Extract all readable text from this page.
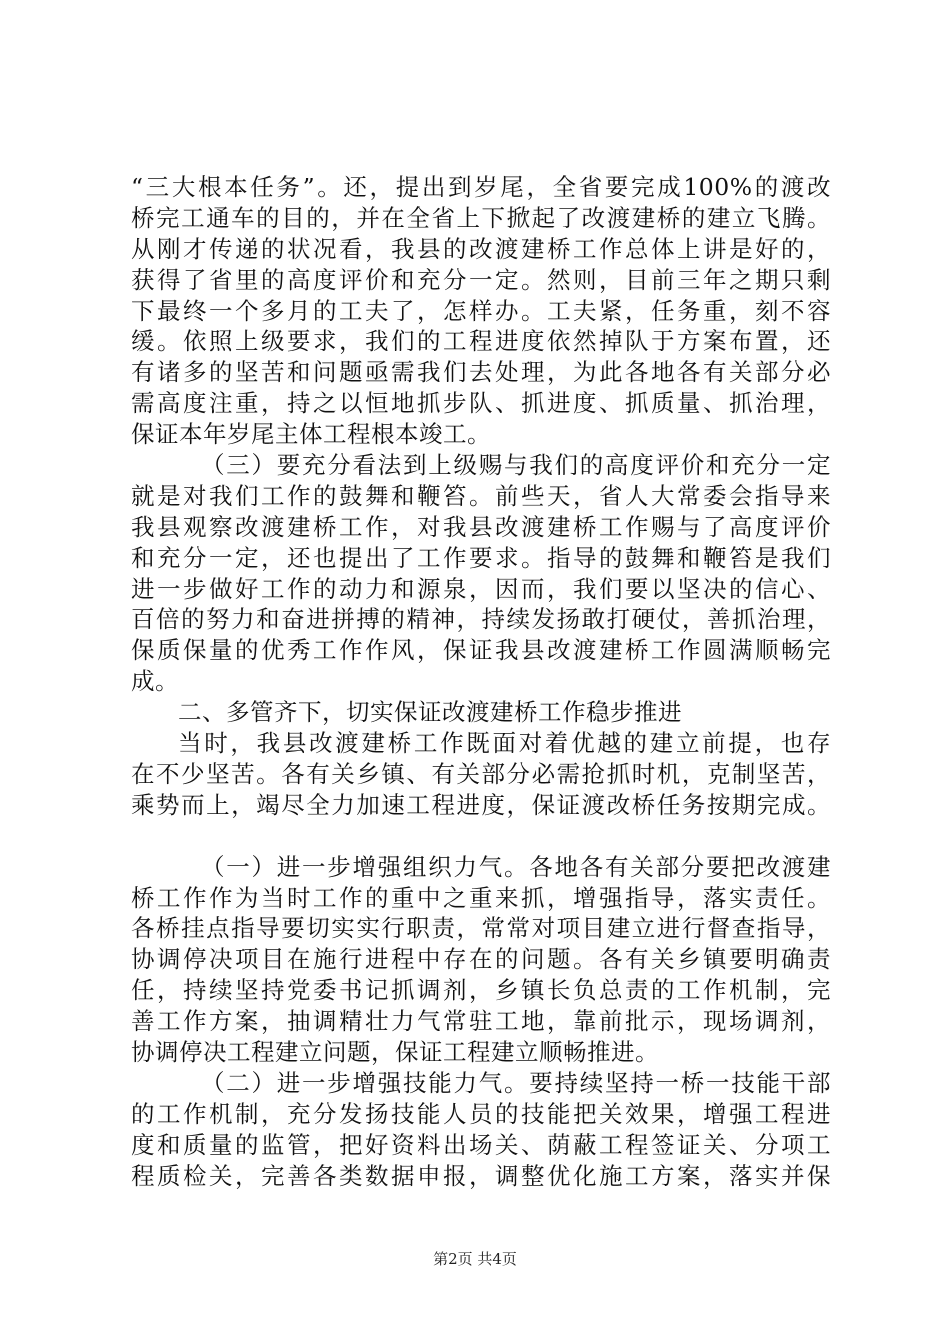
“三大根本任务”。还，提出到岁尾，全省要完成100%的渡改
桥完工通车的目的，并在全省上下掀起了改渡建桥的建立飞腾。
从刚才传递的状况看，我县的改渡建桥工作总体上讲是好的，
获得了省里的高度评价和充分一定。然则，目前三年之期只剩
下最终一个多月的工夫了，怎样办。工夫紧，任务重，刻不容
缓。依照上级要求，我们的工程进度依然掉队于方案布置，还
有诸多的坚苦和问题亟需我们去处理，为此各地各有关部分必
需高度注重，持之以恒地抓步队、抓进度、抓质量、抓治理，
保证本年岁尾主体工程根本竣工。
（三）要充分看法到上级赐与我们的高度评价和充分一定
就是对我们工作的鼓舞和鞭笞。前些天，省人大常委会指导来
我县观察改渡建桥工作，对我县改渡建桥工作赐与了高度评价
和充分一定，还也提出了工作要求。指导的鼓舞和鞭笞是我们
进一步做好工作的动力和源泉，因而，我们要以坚决的信心、
百倍的努力和奋进拼搏的精神，持续发扬敢打硬仗，善抓治理，
保质保量的优秀工作作风，保证我县改渡建桥工作圆满顺畅完
成。
二、多管齐下，切实保证改渡建桥工作稳步推进
当时，我县改渡建桥工作既面对着优越的建立前提，也存
在不少坚苦。各有关乡镇、有关部分必需抢抓时机，克制坚苦，
乘势而上，竭尽全力加速工程进度，保证渡改桥任务按期完成。
（一）进一步增强组织力气。各地各有关部分要把改渡建
桥工作作为当时工作的重中之重来抓，增强指导，落实责任。
各桥挂点指导要切实实行职责，常常对项目建立进行督查指导，
协调停决项目在施行进程中存在的问题。各有关乡镇要明确责
任，持续坚持党委书记抓调剂，乡镇长负总责的工作机制，完
善工作方案，抽调精壮力气常驻工地，靠前批示，现场调剂，
协调停决工程建立问题，保证工程建立顺畅推进。
（二）进一步增强技能力气。要持续坚持一桥一技能干部
的工作机制，充分发扬技能人员的技能把关效果，增强工程进
度和质量的监管，把好资料出场关、荫蔽工程签证关、分项工
程质检关，完善各类数据申报，调整优化施工方案，落实并保
第2页 共4页
